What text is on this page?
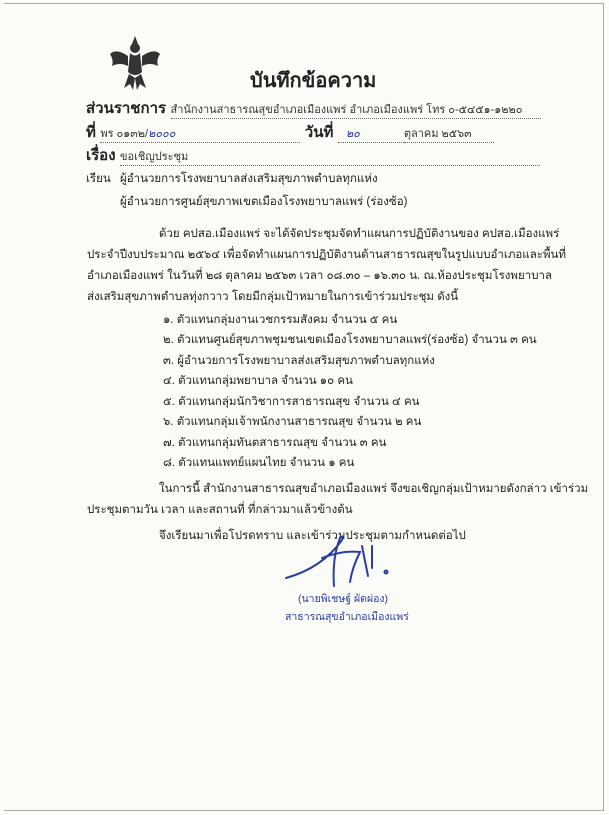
บันทึกข้อความ
ส่วนราชการ สำนักงานสาธารณสุขอำเภอเมืองแพร่ อำเภอเมืองแพร่ โทร ๐-๕๔๕๑-๑๒๒๐
ที่ พร ๐๑๓๒/๒๐๐๐	วันที่ ๒๐	ตุลาคม ๒๕๖๓
เรื่อง ขอเชิญประชุม
เรียน ผู้อำนวยการโรงพยาบาลส่งเสริมสุขภาพตำบลทุกแห่ง
ผู้อำนวยการศูนย์สุขภาพเขตเมืองโรงพยาบาลแพร่ (ร่องซ้อ)
ด้วย คปสอ.เมืองแพร่ จะได้จัดประชุมจัดทำแผนการปฏิบัติงานของ คปสอ.เมืองแพร่
ประจำปีงบประมาณ ๒๕๖๔ เพื่อจัดทำแผนการปฏิบัติงานด้านสาธารณสุขในรูปแบบอำเภอและพื้นที่
อำเภอเมืองแพร่ ในวันที่ ๒๘ ตุลาคม ๒๕๖๓ เวลา ๐๘.๓๐ – ๑๖.๓๐ น. ณ.ห้องประชุมโรงพยาบาล
ส่งเสริมสุขภาพตำบลทุ่งกวาว โดยมีกลุ่มเป้าหมายในการเข้าร่วมประชุม ดังนี้
๑. ตัวแทนกลุ่มงานเวชกรรมสังคม จำนวน ๕ คน
๒. ตัวแทนศูนย์สุขภาพชุมชนเขตเมืองโรงพยาบาลแพร่(ร่องซ้อ) จำนวน ๓ คน
๓. ผู้อำนวยการโรงพยาบาลส่งเสริมสุขภาพตำบลทุกแห่ง
๔. ตัวแทนกลุ่มพยาบาล จำนวน ๑๐ คน
๕. ตัวแทนกลุ่มนักวิชาการสาธารณสุข จำนวน ๔ คน
๖. ตัวแทนกลุ่มเจ้าพนักงานสาธารณสุข จำนวน ๒ คน
๗. ตัวแทนกลุ่มทันตสาธารณสุข จำนวน ๓ คน
๘. ตัวแทนแพทย์แผนไทย จำนวน ๑ คน
ในการนี้ สำนักงานสาธารณสุขอำเภอเมืองแพร่ จึงขอเชิญกลุ่มเป้าหมายดังกล่าว เข้าร่วม
ประชุมตามวัน เวลา และสถานที่ ที่กล่าวมาแล้วข้างต้น
จึงเรียนมาเพื่อโปรดทราบ และเข้าร่วมประชุมตามกำหนดต่อไป
(นายพิเชษฐ์ ผัดผ่อง)
สาธารณสุขอำเภอเมืองแพร่
